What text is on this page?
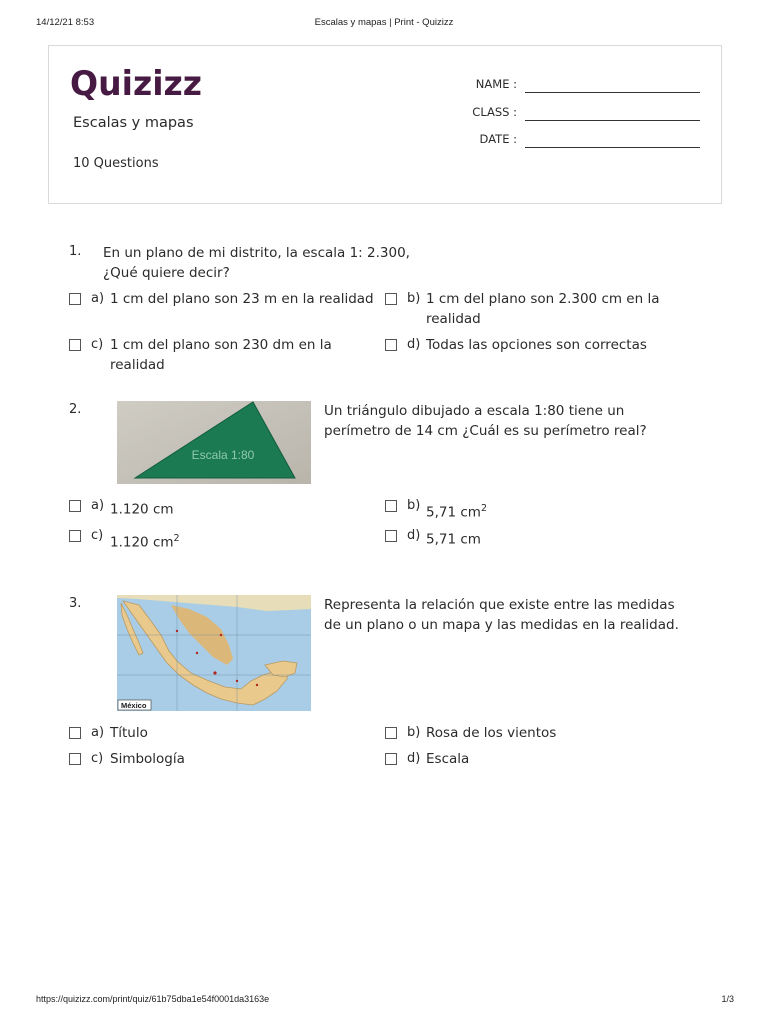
14/12/21 8:53	Escalas y mapas | Print - Quizizz
Quizizz
Escalas y mapas
10 Questions
NAME :
CLASS :
DATE :
1. En un plano de mi distrito, la escala 1: 2.300, ¿Qué quiere decir?
a) 1 cm del plano son 23 m en la realidad	b) 1 cm del plano son 2.300 cm en la realidad
c) 1 cm del plano son 230 dm en la realidad
d) Todas las opciones son correctas
2.
Escala 1:80
Un triángulo dibujado a escala 1:80 tiene un perímetro de 14 cm ¿Cuál es su perímetro real?
a) 1.120 cm	b) 5,71 $cm^2$
c) 1.120 $cm^2$	d) 5,71 cm
3.
México
Representa la relación que existe entre las medidas de un plano o un mapa y las medidas en la realidad.
a) Título	b) Rosa de los vientos
c) Simbología	d) Escala
https://quizizz.com/print/quiz/61b75dba1e54f0001da3163e	1/3
